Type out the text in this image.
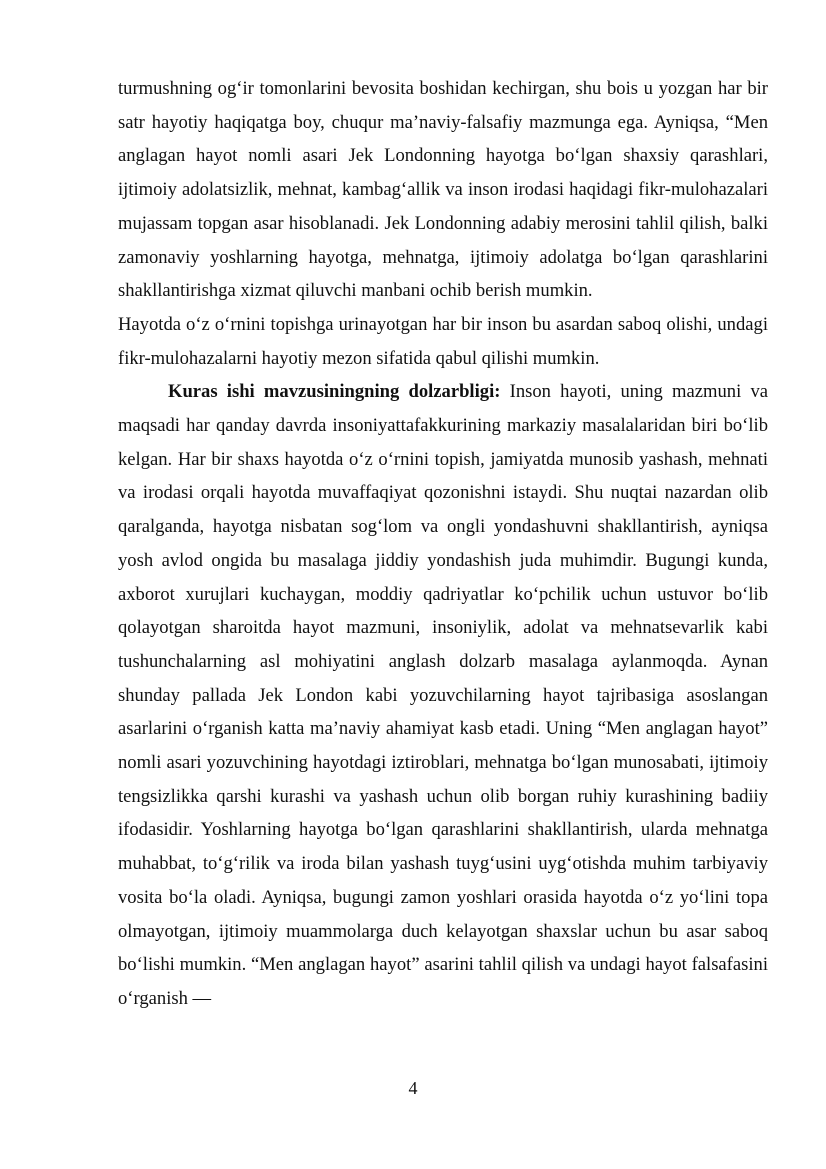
turmushning og‘ir tomonlarini bevosita boshidan kechirgan, shu bois u yozgan har bir satr hayotiy haqiqatga boy, chuqur ma’naviy-falsafiy mazmunga ega. Ayniqsa, “Men anglagan hayot nomli asari Jek Londonning hayotga bo‘lgan shaxsiy qarashlari, ijtimoiy adolatsizlik, mehnat, kambag‘allik va inson irodasi haqidagi fikr-mulohazalari mujassam topgan asar hisoblanadi. Jek Londonning adabiy merosini tahlil qilish, balki zamonaviy yoshlarning hayotga, mehnatga, ijtimoiy adolatga bo‘lgan qarashlarini shakllantirishga xizmat qiluvchi manbani ochib berish mumkin.

Hayotda o‘z o‘rnini topishga urinayotgan har bir inson bu asardan saboq olishi, undagi fikr-mulohazalarni hayotiy mezon sifatida qabul qilishi mumkin.

Kuras ishi mavzusiningning dolzarbligi: Inson hayoti, uning mazmuni va maqsadi har qanday davrda insoniyattafakkurining markaziy masalalaridan biri bo‘lib kelgan. Har bir shaxs hayotda o‘z o‘rnini topish, jamiyatda munosib yashash, mehnati va irodasi orqali hayotda muvaffaqiyat qozonishni istaydi. Shu nuqtai nazardan olib qaralganda, hayotga nisbatan sog‘lom va ongli yondashuvni shakllantirish, ayniqsa yosh avlod ongida bu masalaga jiddiy yondashish juda muhimdir. Bugungi kunda, axborot xurujlari kuchaygan, moddiy qadriyatlar ko‘pchilik uchun ustuvor bo‘lib qolayotgan sharoitda hayot mazmuni, insoniylik, adolat va mehnatsevarlik kabi tushunchalarning asl mohiyatini anglash dolzarb masalaga aylanmoqda. Aynan shunday pallada Jek London kabi yozuvchilarning hayot tajribasiga asoslangan asarlarini o‘rganish katta ma’naviy ahamiyat kasb etadi. Uning “Men anglagan hayot” nomli asari yozuvchining hayotdagi iztiroblari, mehnatga bo‘lgan munosabati, ijtimoiy tengsizlikka qarshi kurashi va yashash uchun olib borgan ruhiy kurashining badiiy ifodasidir. Yoshlarning hayotga bo‘lgan qarashlarini shakllantirish, ularda mehnatga muhabbat, to‘g‘rilik va iroda bilan yashash tuyg‘usini uyg‘otishda muhim tarbiyaviy vosita bo‘la oladi. Ayniqsa, bugungi zamon yoshlari orasida hayotda o‘z yo‘lini topa olmayotgan, ijtimoiy muammolarga duch kelayotgan shaxslar uchun bu asar saboq bo‘lishi mumkin. “Men anglagan hayot” asarini tahlil qilish va undagi hayot falsafasini o‘rganish —

4
